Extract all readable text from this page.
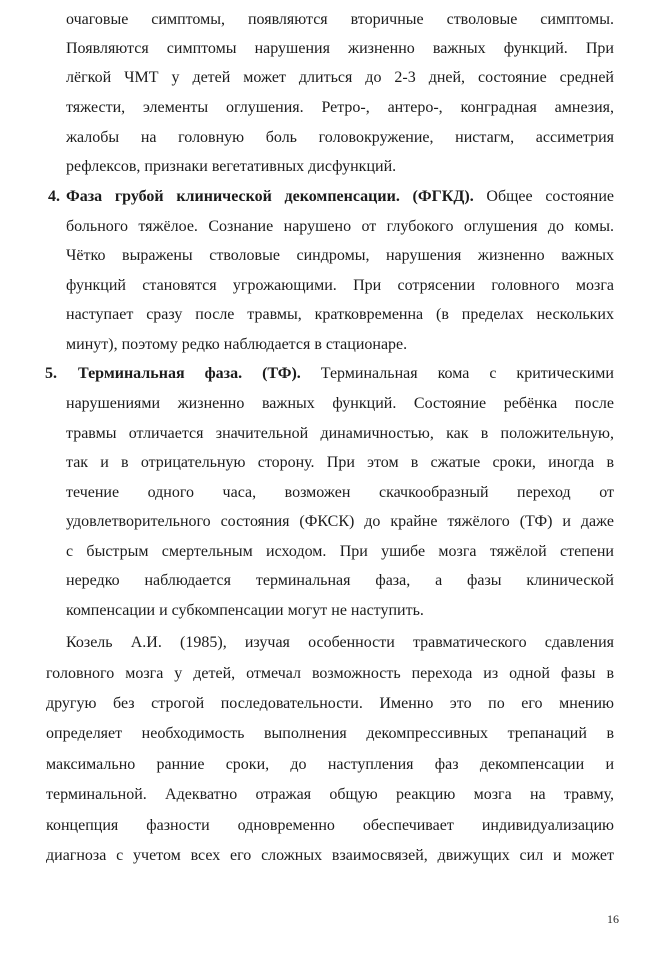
очаговые симптомы, появляются вторичные стволовые симптомы.
Появляются симптомы нарушения жизненно важных функций. При
лёгкой ЧМТ у детей может длиться до 2-3 дней, состояние средней
тяжести, элементы оглушения. Ретро-, антеро-, конградная амнезия,
жалобы на головную боль головокружение, нистагм, ассиметрия
рефлексов, признаки вегетативных дисфункций.
4. Фаза грубой клинической декомпенсации. (ФГКД). Общее состояние
больного тяжёлое. Сознание нарушено от глубокого оглушения до комы.
Чётко выражены стволовые синдромы, нарушения жизненно важных
функций становятся угрожающими. При сотрясении головного мозга
наступает сразу после травмы, кратковременна (в пределах нескольких
минут), поэтому редко наблюдается в стационаре.
5. Терминальная фаза. (ТФ). Терминальная кома с критическими
нарушениями жизненно важных функций. Состояние ребёнка после
травмы отличается значительной динамичностью, как в положительную,
так и в отрицательную сторону. При этом в сжатые сроки, иногда в
течение одного часа, возможен скачкообразный переход от
удовлетворительного состояния (ФКСК) до крайне тяжёлого (ТФ) и даже
с быстрым смертельным исходом. При ушибе мозга тяжёлой степени
нередко наблюдается терминальная фаза, а фазы клинической
компенсации и субкомпенсации могут не наступить.
Козель А.И. (1985), изучая особенности травматического сдавления
головного мозга у детей, отмечал возможность перехода из одной фазы в
другую без строгой последовательности. Именно это по его мнению
определяет необходимость выполнения декомпрессивных трепанаций в
максимально ранние сроки, до наступления фаз декомпенсации и
терминальной. Адекватно отражая общую реакцию мозга на травму,
концепция фазности одновременно обеспечивает индивидуализацию
диагноза с учетом всех его сложных взаимосвязей, движущих сил и может
16
